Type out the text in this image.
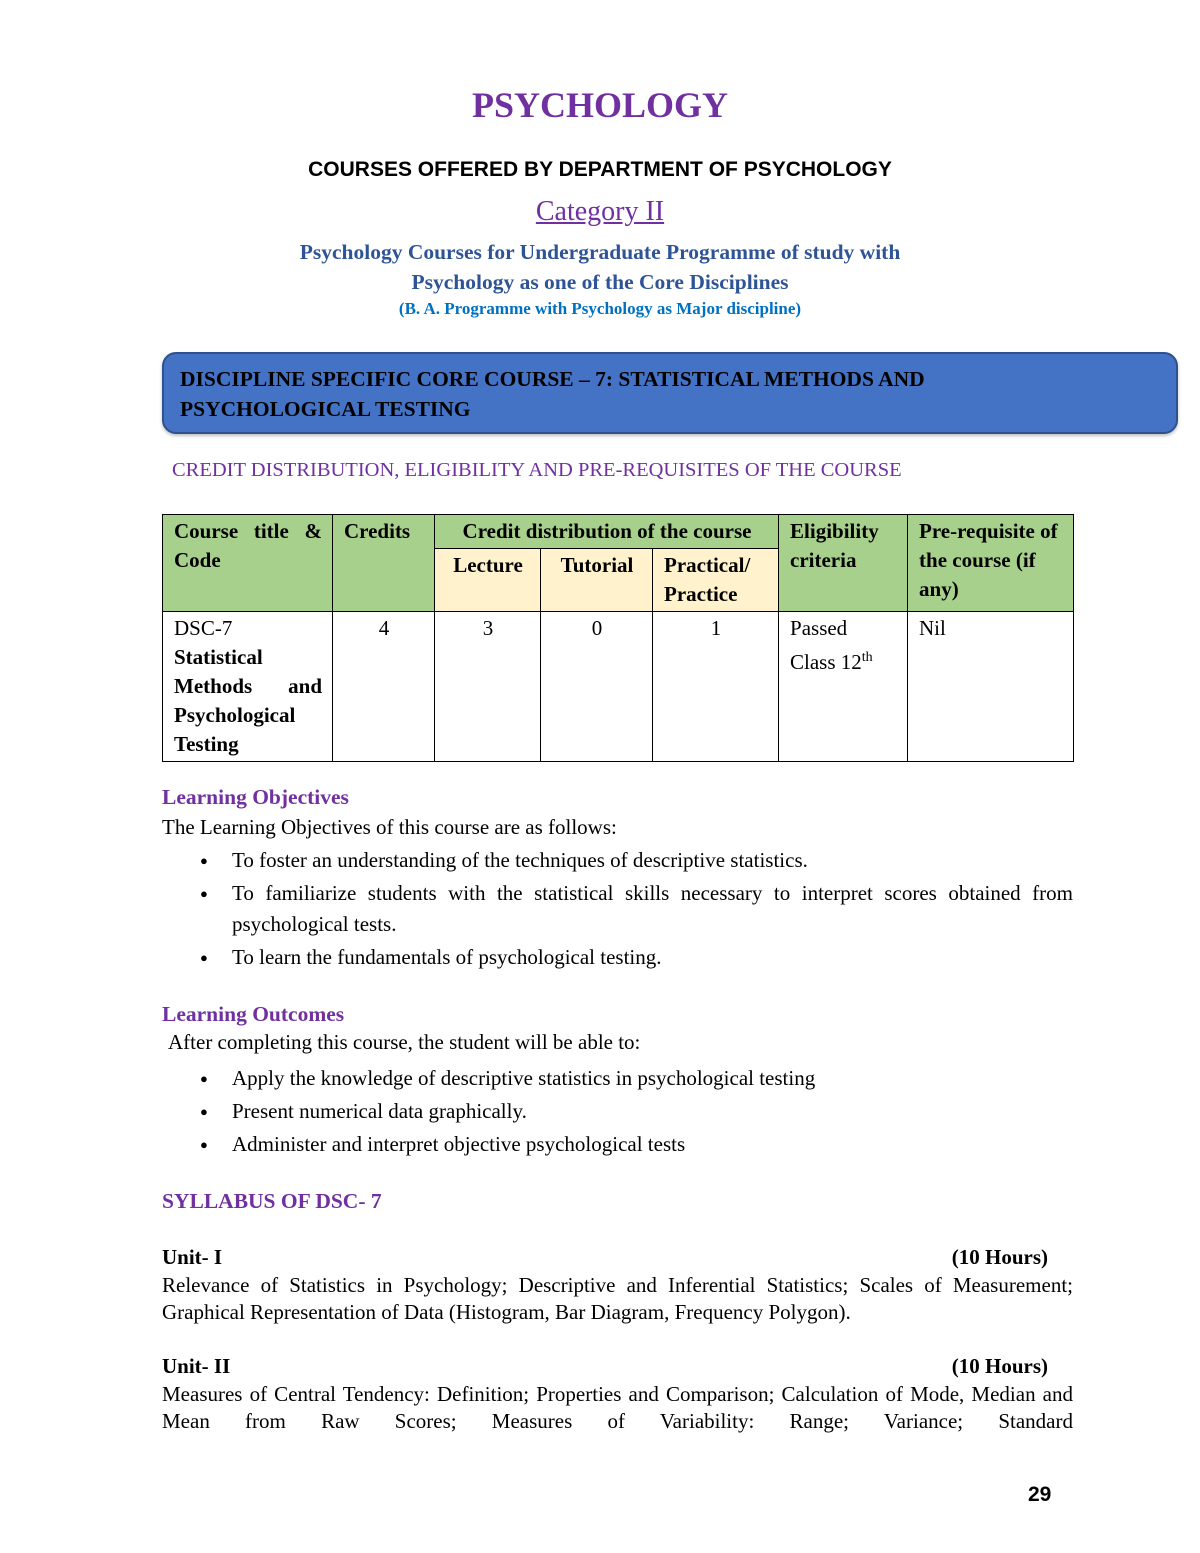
PSYCHOLOGY
COURSES OFFERED BY DEPARTMENT OF PSYCHOLOGY
Category II
Psychology Courses for Undergraduate Programme of study with
Psychology as one of the Core Disciplines
(B. A. Programme with Psychology as Major discipline)
DISCIPLINE SPECIFIC CORE COURSE – 7: STATISTICAL METHODS AND
PSYCHOLOGICAL TESTING
CREDIT DISTRIBUTION, ELIGIBILITY AND PRE-REQUISITES OF THE COURSE
Course title & Code	Credits	Credit distribution of the course			Eligibility criteria	Pre-requisite of the course (if any)
		Lecture	Tutorial	Practical/ Practice		

DSC-7
Statistical
Methods and
Psychological
Testing	4	3	0	1	Passed Class 12th	Nil
Learning Objectives
The Learning Objectives of this course are as follows:
● To foster an understanding of the techniques of descriptive statistics.
● To familiarize students with the statistical skills necessary to interpret scores obtained from psychological tests.
● To learn the fundamentals of psychological testing.
Learning Outcomes
After completing this course, the student will be able to:
● Apply the knowledge of descriptive statistics in psychological testing
● Present numerical data graphically.
● Administer and interpret objective psychological tests
SYLLABUS OF DSC- 7
Unit- I	(10 Hours)
Relevance of Statistics in Psychology; Descriptive and Inferential Statistics; Scales of Measurement; Graphical Representation of Data (Histogram, Bar Diagram, Frequency Polygon).
Unit- II	(10 Hours)
Measures of Central Tendency: Definition; Properties and Comparison; Calculation of Mode, Median and Mean from Raw Scores; Measures of Variability: Range; Variance; Standard
29
